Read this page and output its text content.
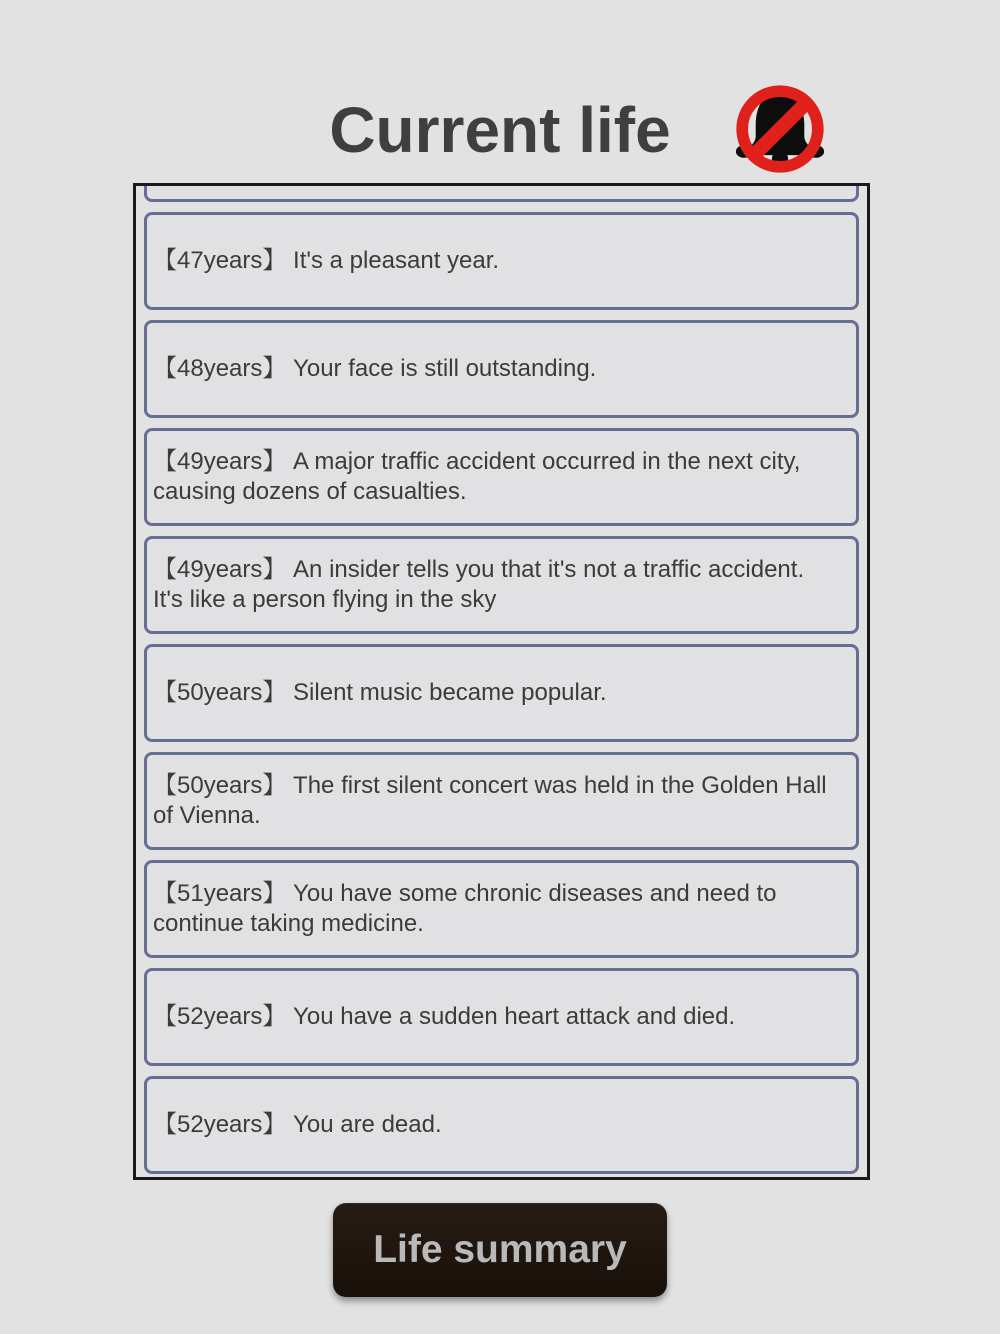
Current life
【47years】 It's a pleasant year.
【48years】 Your face is still outstanding.
【49years】 A major traffic accident occurred in the next city, causing dozens of casualties.
【49years】 An insider tells you that it's not a traffic accident. It's like a person flying in the sky
【50years】 Silent music became popular.
【50years】 The first silent concert was held in the Golden Hall of Vienna.
【51years】 You have some chronic diseases and need to continue taking medicine.
【52years】 You have a sudden heart attack and died.
【52years】 You are dead.
Life summary
